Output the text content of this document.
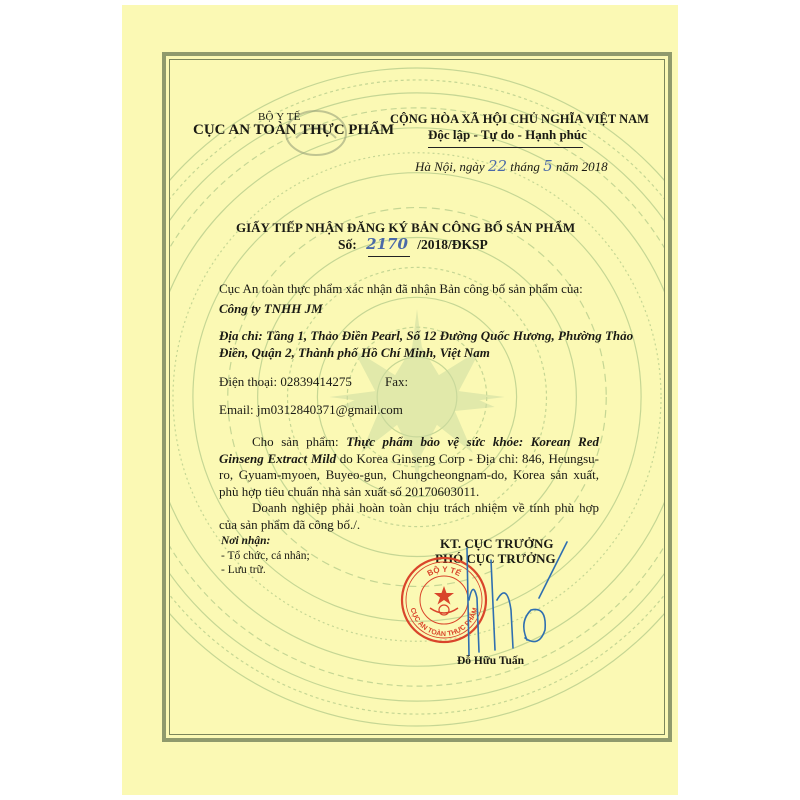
BỘ Y TẾ
CỤC AN TOÀN THỰC PHẨM
CỘNG HÒA XÃ HỘI CHỦ NGHĨA VIỆT NAM
Độc lập - Tự do - Hạnh phúc
Hà Nội, ngày 22 tháng 5 năm 2018
GIẤY TIẾP NHẬN ĐĂNG KÝ BẢN CÔNG BỐ SẢN PHẨM
Số: 2170 /2018/ĐKSP
Cục An toàn thực phẩm xác nhận đã nhận Bản công bố sản phẩm của:
Công ty TNHH JM
Địa chỉ: Tầng 1, Thảo Điền Pearl, Số 12 Đường Quốc Hương, Phường Thảo
Điền, Quận 2, Thành phố Hồ Chí Minh, Việt Nam
Điện thoại: 02839414275	Fax:
Email: jm0312840371@gmail.com
Cho sản phẩm: Thực phẩm bảo vệ sức khỏe: Korean Red Ginseng Extract Mild do Korea Ginseng Corp - Địa chỉ: 846, Heungsu-ro, Gyuam-myoen, Buyeo-gun, Chungcheongnam-do, Korea sản xuất, phù hợp tiêu chuẩn nhà sản xuất số 20170603011.
Doanh nghiệp phải hoàn toàn chịu trách nhiệm về tính phù hợp của sản phẩm đã công bố./.
Nơi nhận:
- Tổ chức, cá nhân;
- Lưu trữ.
KT. CỤC TRƯỞNG
PHÓ CỤC TRƯỞNG
BỘ Y TẾ
CỤC AN TOÀN THỰC PHẨM
Đỗ Hữu Tuấn
